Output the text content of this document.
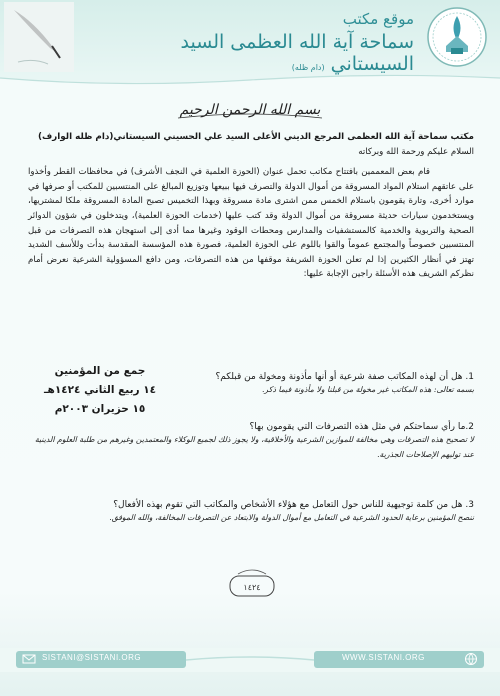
موقع مكتب
سماحة آية الله العظمى السيد السيستاني (دام ظله)
بسم الله الرحمن الرحيم

مكتب سماحة آية الله العظمى المرجع الديني الأعلى السيد علي الحسيني السيستاني(دام ظله الوارف)

السلام عليكم ورحمة الله وبركاته

قام بعض المعممين بافتتاح مكاتب تحمل عنوان (الحوزة العلمية في النجف الأشرف) في محافظات القطر وأخذوا على عاتقهم استلام المواد المسروقة من أموال الدولة والتصرف فيها ببيعها وتوزيع المبالغ على المنتسبين للمكتب أو صرفها في موارد أخرى، وتارة يقومون باستلام الخمس ممن اشترى مادة مسروقة وبهذا التخميس تصبح المادة المسروقة ملكا لمشتريها، ويستخدمون سيارات حديثة مسروقة من أموال الدولة وقد كتب عليها (خدمات الحوزة العلمية)، ويتدخلون في شؤون الدوائر الصحية والتربوية والخدمية كالمستشفيات والمدارس ومحطات الوقود وغيرها مما أدى إلى استهجان هذه التصرفات من قبل المنتسبين خصوصاً والمجتمع عموماً والقوا باللوم على الحوزة العلمية، فصورة هذه المؤسسة المقدسة بدأت وللأسف الشديد تهتز في أنظار الكثيرين إذا لم تعلن الحوزة الشريفة موقفها من هذه التصرفات، ومن دافع المسؤولية الشرعية نعرض أمام نظركم الشريف هذه الأسئلة راجين الإجابة عليها:

1. هل أن لهذه المكاتب صفة شرعية أو أنها مأذونة ومخولة من قبلكم؟

بسمه تعالى: هذه المكاتب غير مخولة من قبلنا ولا مأذونة فيما ذكر.

جمع من المؤمنين
١٤ ربيع الثاني ١٤٢٤هـ
١٥ حزيران ٢٠٠٣م

2.ما رأي سماحتكم في مثل هذه التصرفات التي يقومون بها؟

لا تصحيح هذه التصرفات وهي مخالفة للموازين الشرعية والأخلاقية، ولا يجوز ذلك لجميع الوكلاء والمعتمدين وغيرهم من طلبة العلوم الدينية عند توليهم الإصلاحات الجذرية.

3. هل من كلمة توجيهية للناس حول التعامل مع هؤلاء الأشخاص والمكاتب التي تقوم بهذه الأفعال؟

ننصح المؤمنين برعاية الحدود الشرعية في التعامل مع أموال الدولة والابتعاد عن التصرفات المخالفة، والله الموفق.

١٤٢٤
SISTANI@SISTANI.ORG	WWW.SISTANI.ORG
